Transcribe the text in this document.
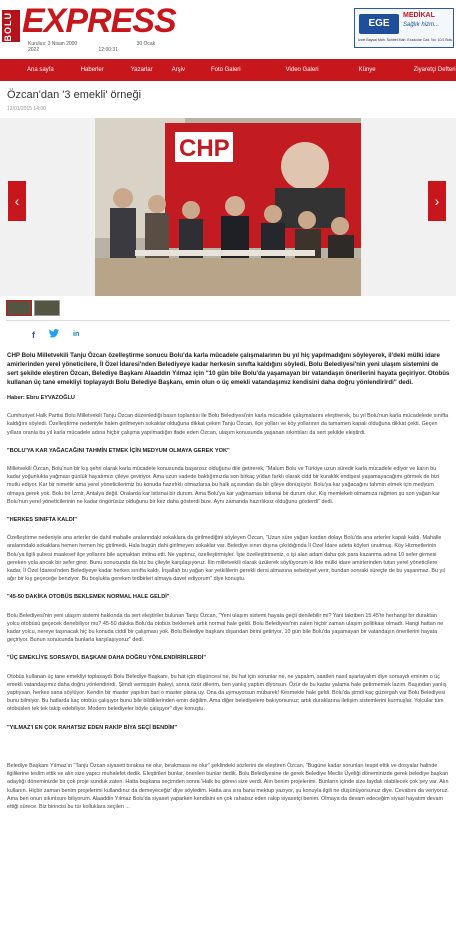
BOLU EXPRESS
Kurulus: 3 Nisan 2000	30 Ocak 2022	12:00:31
EGE
MEDİKAL
Sağlık hizm...
İzzet Baysal Mah. Sohbet Mah. Eczacılar Cad. No: 10/1 Bolu
Ana sayfa	Haberler	Yazarlar	Arşiv	Foto Galeri	Video Galeri	Künye	Ziyaretçi Defteri
Özcan'dan '3 emekli' örneği
12/01/2015 14:00
CHP
‹	›
f	in
CHP Bolu Milletvekili Tanju Özcan özelleştirme sonucu Bolu'da karla mücadele çalışmalarının bu yıl hiç yapılmadığını söyleyerek, il'deki mülki idare amirlerinden yerel yöneticilere, İl Özel İdaresi'nden Belediyeye kadar herkesin sınıfta kaldığını söyledi. Bolu Belediyesi'nin yeni ulaşım sistemini de sert şekilde eleştiren Özcan, Belediye Başkanı Alaaddin Yılmaz için "10 gün bile Bolu'da yaşamayan bir vatandaşın önerilerini hayata geçiriyor. Otobüs kullanan üç tane emekliyi toplayaydı Bolu Belediye Başkanı, emin olun o üç emekli vatandaşımız kendisini daha doğru yönlendirirdi" dedi.
Haber: Ebru EYVAZOĞLU
Cumhuriyet Halk Partisi Bolu Milletvekili Tanju Özcan düzenlediği basın toplantısı ile Bolu Belediyesi'nin karla mücadele çalışmalarını eleştirerek, bu yıl Bolu'nun karla mücadelede sınıfta kaldığını söyledi. Özelleştirme nedeniyle halen girilmeyen sokaklar olduğuna dikkat çeken Tanju Özcan, ilçe yolları ve köy yollarının da tamamen kapalı olduğuna dikkat çekti. Geçen yıllara oranla bu yıl karla mücadele adına hiçbir çalışma yapılmadığın ifade eden Özcan, ulaşım konusunda yaşanan sıkıntıları da sert şekilde eleştirdi.
"BOLU'YA KAR YAĞACAĞINI TAHMİN ETMEK İÇİN MEDYUM OLMAYA GEREK YOK"
Milletvekili Özcan, Bolu'nun bir kış şehri olarak karla mücadele konusunda başarısız olduğunu dile getirerek, "Malum Bolu ve Türkiye uzun süredir karla mücadele ediyor ve karın bu kadar yoğunlukta yağması günlük hayatımızı çileye çeviriyor. Ama uzun vadede baktığımızda son birkaç yıldan farklı olarak cidd bir kuraklık endişesi yaşamayacağımı görmek de bizi mutlu ediyor. Kar bir nimettir ama yerel yöneticilerimiz bu konuda hazırlıklı olmazlarsa bu halk açısından da bir çileye dönüşüyor. Bolu'ya kar yağacağını tahmin etmek için medyum olmaya gerek yok. Bolu bir İzmir, Antalya değil. Oralarda kar istisnai bir durum. Ama Bolu'ya kar yağmaması istisnai bir durum olur. Kış memleketi olmamıza rağmen şu son yağan kar Bolu'nun yerel yöneticilerinin ne kadar öngörüsüz olduğunu bir kez daha gösterdi bize. Aynı zamanda hazırlıksız olduğunu gösterdi" dedi.
"HERKES SINIFTA KALDI"
Özelleştirme nedeniyle ana arterler de dahil mahalle aralarındaki sokaklara da girilmediğini söyleyen Özcan, "Uzun süre yağan kardan dolayı Bolu'da ana arterler kapalı kaldı. Mahalle aralarındaki sokaklara hemen hemen hiç girilmedi. Hala bugün dahi girilmeyen sokaklar var. Belediye sınırı dışına çıkıldığında İl Özel İdare adeta köyleri unutmuş. Köy Hizmetlerinin Bolu'ya ilgili şubesi maalesef ilçe yollarını bile açmaktan imtina etti. Ne yaptınız, özelleştirmişler. İşte özelleştirirseniz, o işi alan adam daha çok para kazanma adına 10 sefer girmesi gereken yola ancak bir sefer girer. Bunu sonucunda da biz bu çileyle karşılaşıyoruz. İlin milletvekili olarak üzülerek söylüyorum ki ilde mülki idare amirlerinden tutun yerel yöneticilere kadar, İl Özel İdaresi'nden Belediyeye kadar herkes sınıfta kaldı. İnşallah bu yağan kar yetkililerin gerekli dersi almasına sebebiyet verir, bundan sonraki süreçte de bu yaşanmaz. Bu yıl ağır bir kış geçeceğe benziyor. Bu boşlukta gereken tedbirleri almaya davet ediyorum" diye konuştu.
"45-50 DAKİKA OTOBÜS BEKLEMEK NORMAL HALE GELDİ"
Bolu Belediyesi'nin yeni ulaşım sistemi hakkında da sert eleştiriler bulunan Tanju Özcan, "Yeni ulaşım sistemi hayata geçti denilebilir mi? Yani takriben 15.45'te herhangi bir duraktan yolcu otobüsü geçecek denebiliyor mu? 45-50 dakika Bolu'da otobüs beklemek artık normal hale geldi. Bolu Belediyesi'nin zaten hiçbir zaman ulaşım politikası olmadı. Hangi hattan ne kadar yolcu, nereye taşınacak hiç bu konuda ciddi bir çalışması yok. Bolu Belediye başkanı dışarıdan birini getiriyor, 10 gün bile Bolu'da yaşamayan bir vatandaşın önerilerini hayata geçiriyor. Bunun sonucunda bunlarla karşılaşıyoruz" dedi.
"ÜÇ EMEKLİYE SORSAYDI, BAŞKANI DAHA DOĞRU YÖNLENDİRİRLERDİ"
Otobüs kullanan üç tane emekliyi toplasaydı Bolu Belediye Başkanı, bu hat için düşüncesi ne, bu hat için sorunlar ne, ne yapalım, saatleri nasıl ayarlayalım diye sorsaydı eminim o üç emekli vatandaşımız daha doğru yönlendirirdi. Şimdi vermişsin ihaleyi, sonra özür dilerim, ben yanlış yaptım diyorsun. Özür de bu kadar yalama hale getirmemek lazım. Başından yanlış yaptıysan, herkes sana söylüyor. Kendin bir master yapılsın bari o master plana uy. Ona da uymuyorsun mübarek! Kesmekte hale geldi. Bolu'da şimdi kaç güzergah var Bolu Belediyesi bunu bilmiyor. Bu hatlarda kaç otobüs çalışıyor bunu bile bildiklerinden emin değilim. Ama diğer belediyelere bakıyorsunuz; artık duraklarına iletişim sistemlerini kurmuşlar. Yolcular tüm otobüsleri tek tek takip edebiliyor. Modern belediyeler böyle çalışıyor" diye konuştu.
"YILMAZ'I EN ÇOK RAHATSIZ EDEN RAKİP BİYA SEÇİ BENDİM"
Belediye Başkanı Yılmaz'ın "Tanju Özcan siyaseti bıraksa ne olur, bırakmasa ne olur" şeklindeki sözlerini de eleştiren Özcan, "Bugüne kadar sorunları tespit ettik ve dosyalar halinde ilgililerine teslim ettik ve alın size yapıcı muhalefet dedik. Eleştirileri bunlar, önerileri bunlar dedik. Bolu Belediyesine de gerek Belediye Meclis Üyeliği döneminizde gerek belediye başkan adaylığı döneminizde bir çok proje sunduk zaten. Hatta başkana seçimden sonra 'Halk bu görevi size verdi. Alın benim projelerimi. Bunların içinde size faydalı olabilecek çok şey var. Alın kullanın. Hiçbir zaman benim projelerimi kullandınız da demeyeceğiz' diye söyledim. Hatta ara sıra bana mektup yazıyor, şu konuyla ilgili ne düşünüyorsunuz diye. Cevabını da veriyoruz. Ama ben onun sıkıntısını biliyorum. Alaaddin Yılmaz Bolu'da siyaset yaparken kendisini en çok rahatsız eden rakip siyasetçi benim. Olmaya da devam edeceğim siyasi hayatım devam ettiği sürece. Biz birincisi bu tür kolluklara seçilen ...
